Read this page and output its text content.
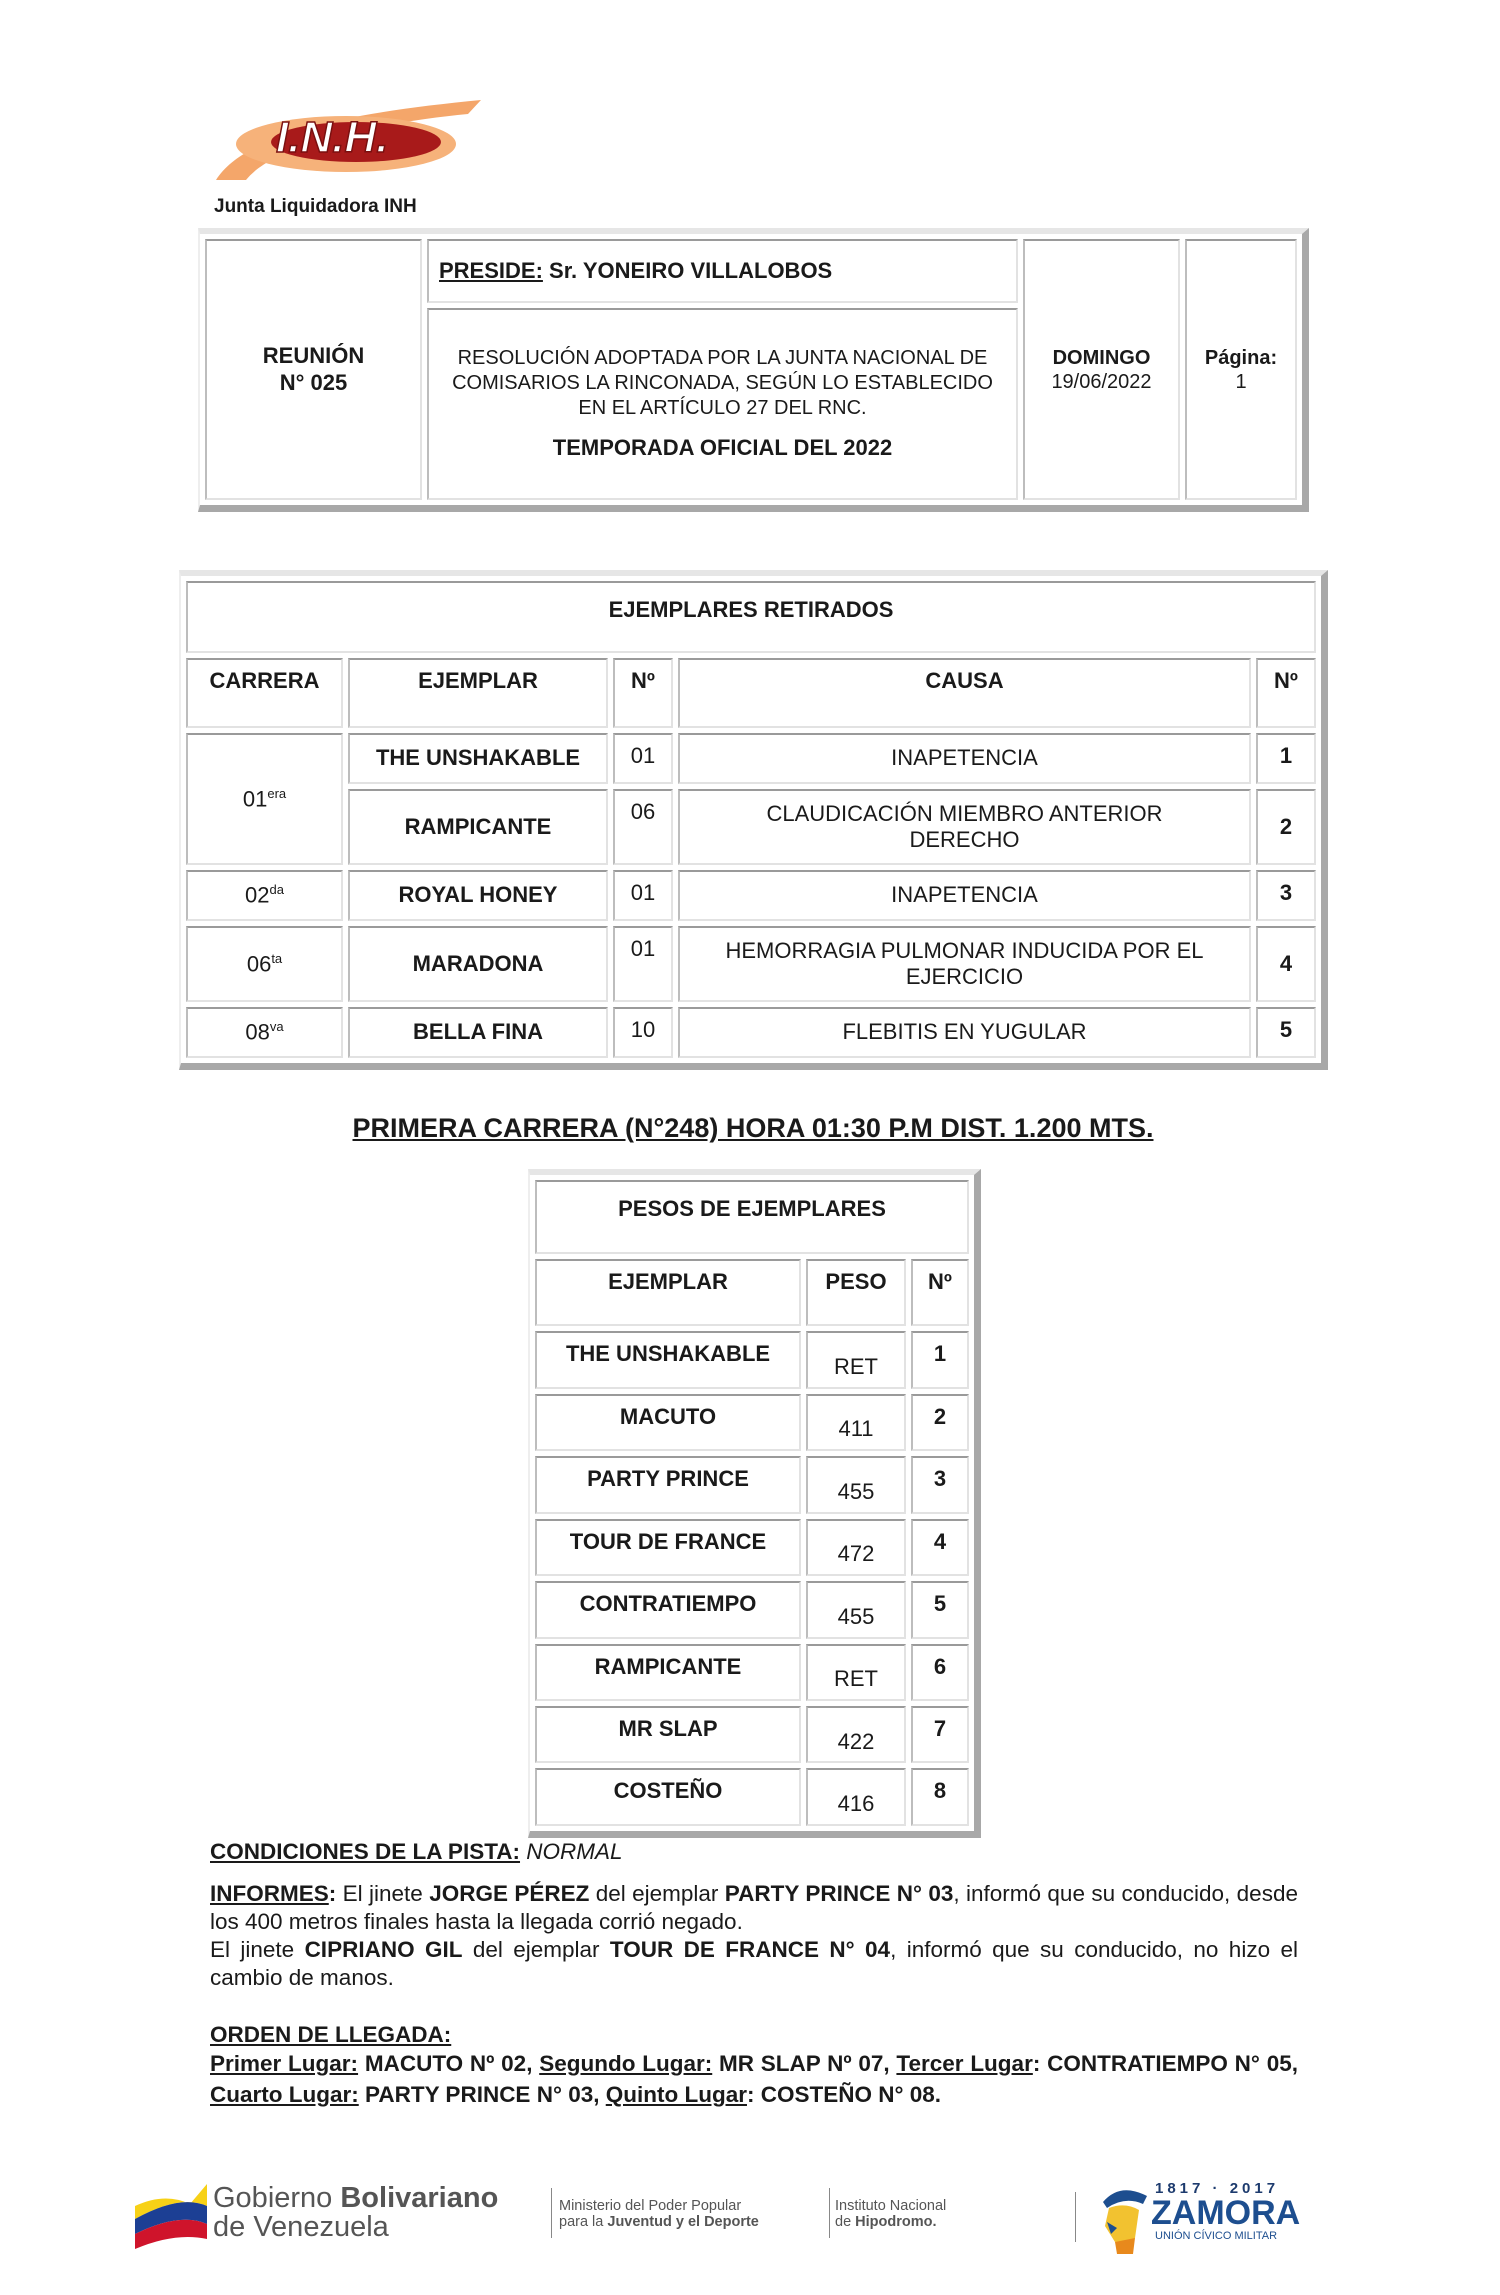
I.N.H.
Junta Liquidadora INH
REUNIÓN
N° 025	PRESIDE: Sr. YONEIRO VILLALOBOS	DOMINGO
19/06/2022	Página:
1

RESOLUCIÓN ADOPTADA POR LA JUNTA NACIONAL DE COMISARIOS LA RINCONADA, SEGÚN LO ESTABLECIDO EN EL ARTÍCULO 27 DEL RNC.
TEMPORADA OFICIAL DEL 2022
EJEMPLARES RETIRADOS				
CARRERA	EJEMPLAR	Nº	CAUSA	Nº
$01^{era}$	THE UNSHAKABLE	01	INAPETENCIA	1
	RAMPICANTE	06	CLAUDICACIÓN MIEMBRO ANTERIOR DERECHO	2
$02^{da}$	ROYAL HONEY	01	INAPETENCIA	3
$06^{ta}$	MARADONA	01	HEMORRAGIA PULMONAR INDUCIDA POR EL EJERCICIO	4
$08^{va}$	BELLA FINA	10	FLEBITIS EN YUGULAR	5
PRIMERA CARRERA (N°248) HORA 01:30 P.M DIST. 1.200 MTS.
PESOS DE EJEMPLARES		
EJEMPLAR	PESO	Nº
THE UNSHAKABLE	RET	1
MACUTO	411	2
PARTY PRINCE	455	3
TOUR DE FRANCE	472	4
CONTRATIEMPO	455	5
RAMPICANTE	RET	6
MR SLAP	422	7
COSTEÑO	416	8
CONDICIONES DE LA PISTA: NORMAL
INFORMES: El jinete JORGE PÉREZ del ejemplar PARTY PRINCE N° 03, informó que su conducido, desde los 400 metros finales hasta la llegada corrió negado.
El jinete CIPRIANO GIL del ejemplar TOUR DE FRANCE N° 04, informó que su conducido, no hizo el cambio de manos.
ORDEN DE LLEGADA:
Primer Lugar: MACUTO Nº 02, Segundo Lugar: MR SLAP Nº 07, Tercer Lugar: CONTRATIEMPO N° 05, Cuarto Lugar: PARTY PRINCE N° 03, Quinto Lugar: COSTEÑO N° 08.
Gobierno Bolivariano
de Venezuela
Ministerio del Poder Popular
para la Juventud y el Deporte
Instituto Nacional
de Hipodromo.
1817 · 2017
ZAMORA
UNIÓN CÍVICO MILITAR
